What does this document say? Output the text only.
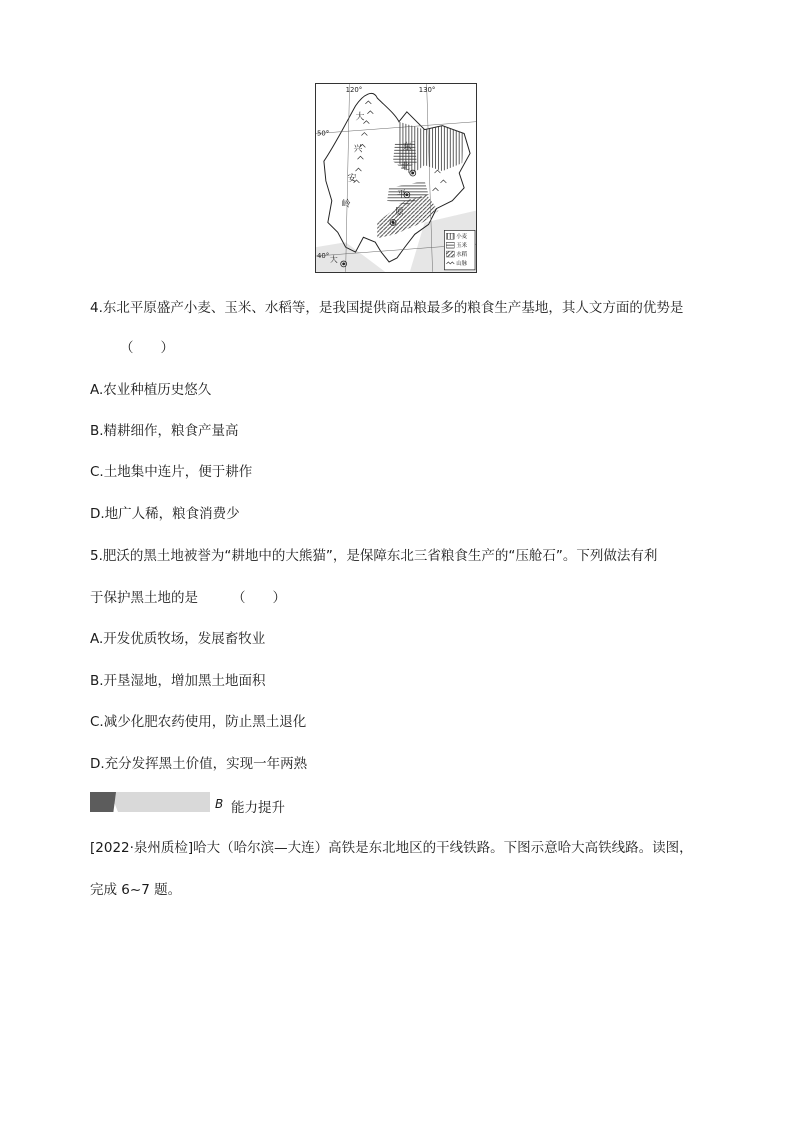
120°	130°
50°
40°
大
兴
安
岭
东
北
平
原
大
小麦
玉米
水稻
山脉
4.东北平原盛产小麦、玉米、水稻等，是我国提供商品粮最多的粮食生产基地，其人文方面的优势是
（　　）
A.农业种植历史悠久
B.精耕细作，粮食产量高
C.土地集中连片，便于耕作
D.地广人稀，粮食消费少
5.肥沃的黑土地被誉为“耕地中的大熊猫”，是保障东北三省粮食生产的“压舱石”。下列做法有利
于保护黑土地的是	（　　）
A.开发优质牧场，发展畜牧业
B.开垦湿地，增加黑土地面积
C.减少化肥农药使用，防止黑土退化
D.充分发挥黑土价值，实现一年两熟
B 能力提升
[2022·泉州质检]哈大（哈尔滨—大连）高铁是东北地区的干线铁路。下图示意哈大高铁线路。读图，
完成 6~7 题。
